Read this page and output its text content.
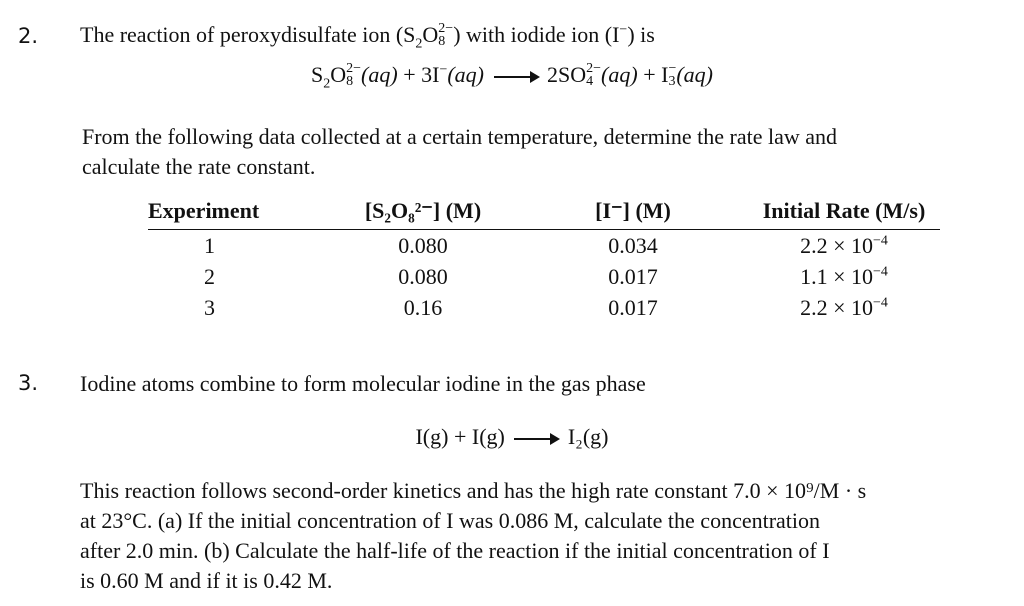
2. The reaction of peroxydisulfate ion ($S_2O$ 2−
8 ) with iodide ion (I−) is
$S_2O$ 2−
8 (aq) + 3I−(aq) → 2SO 2−
4 (aq) + I −
3 (aq)
From the following data collected at a certain temperature, determine the rate law and
calculate the rate constant.
Experiment	[S₂O₈²⁻] (M)	[I⁻] (M)	Initial Rate (M/s)
1	0.080	0.034	$2.2 \times 10^{-4}$
2	0.080	0.017	$1.1 \times 10^{-4}$
3	0.16	0.017	$2.2 \times 10^{-4}$
3. Iodine atoms combine to form molecular iodine in the gas phase
I(g) + I(g) → I₂(g)
This reaction follows second-order kinetics and has the high rate constant 7.0 × 10⁹/M · s
at 23°C. (a) If the initial concentration of I was 0.086 M, calculate the concentration
after 2.0 min. (b) Calculate the half-life of the reaction if the initial concentration of I
is 0.60 M and if it is 0.42 M.
